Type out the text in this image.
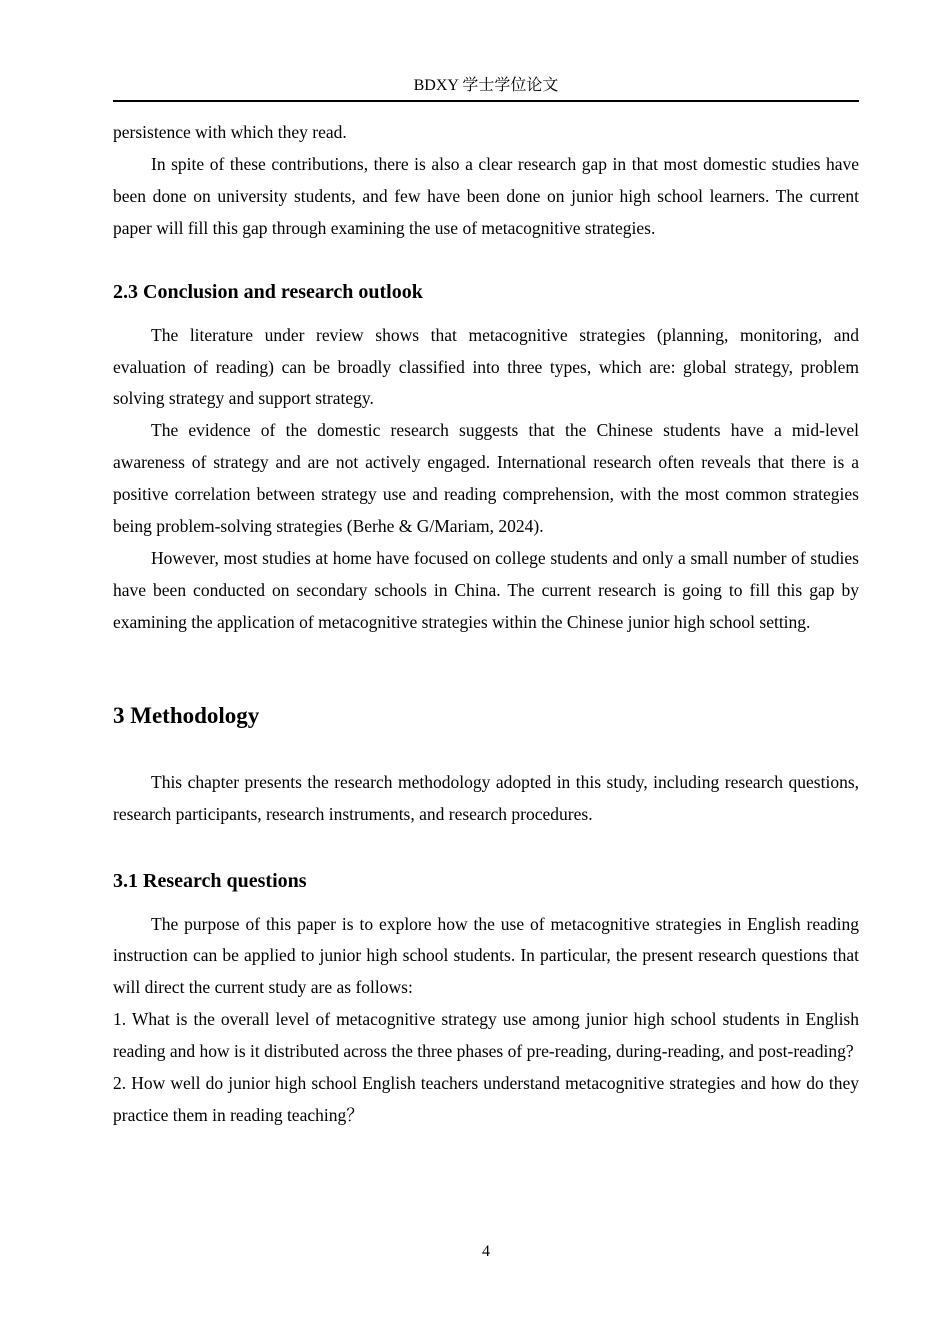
BDXY 学士学位论文

persistence with which they read.

In spite of these contributions, there is also a clear research gap in that most domestic studies have been done on university students, and few have been done on junior high school learners. The current paper will fill this gap through examining the use of metacognitive strategies.

2.3 Conclusion and research outlook

The literature under review shows that metacognitive strategies (planning, monitoring, and evaluation of reading) can be broadly classified into three types, which are: global strategy, problem solving strategy and support strategy.

The evidence of the domestic research suggests that the Chinese students have a mid-level awareness of strategy and are not actively engaged. International research often reveals that there is a positive correlation between strategy use and reading comprehension, with the most common strategies being problem-solving strategies (Berhe & G/Mariam, 2024).

However, most studies at home have focused on college students and only a small number of studies have been conducted on secondary schools in China. The current research is going to fill this gap by examining the application of metacognitive strategies within the Chinese junior high school setting.

3 Methodology

This chapter presents the research methodology adopted in this study, including research questions, research participants, research instruments, and research procedures.

3.1 Research questions

The purpose of this paper is to explore how the use of metacognitive strategies in English reading instruction can be applied to junior high school students. In particular, the present research questions that will direct the current study are as follows:

1. What is the overall level of metacognitive strategy use among junior high school students in English reading and how is it distributed across the three phases of pre-reading, during-reading, and post-reading?

2. How well do junior high school English teachers understand metacognitive strategies and how do they practice them in reading teaching？

4
